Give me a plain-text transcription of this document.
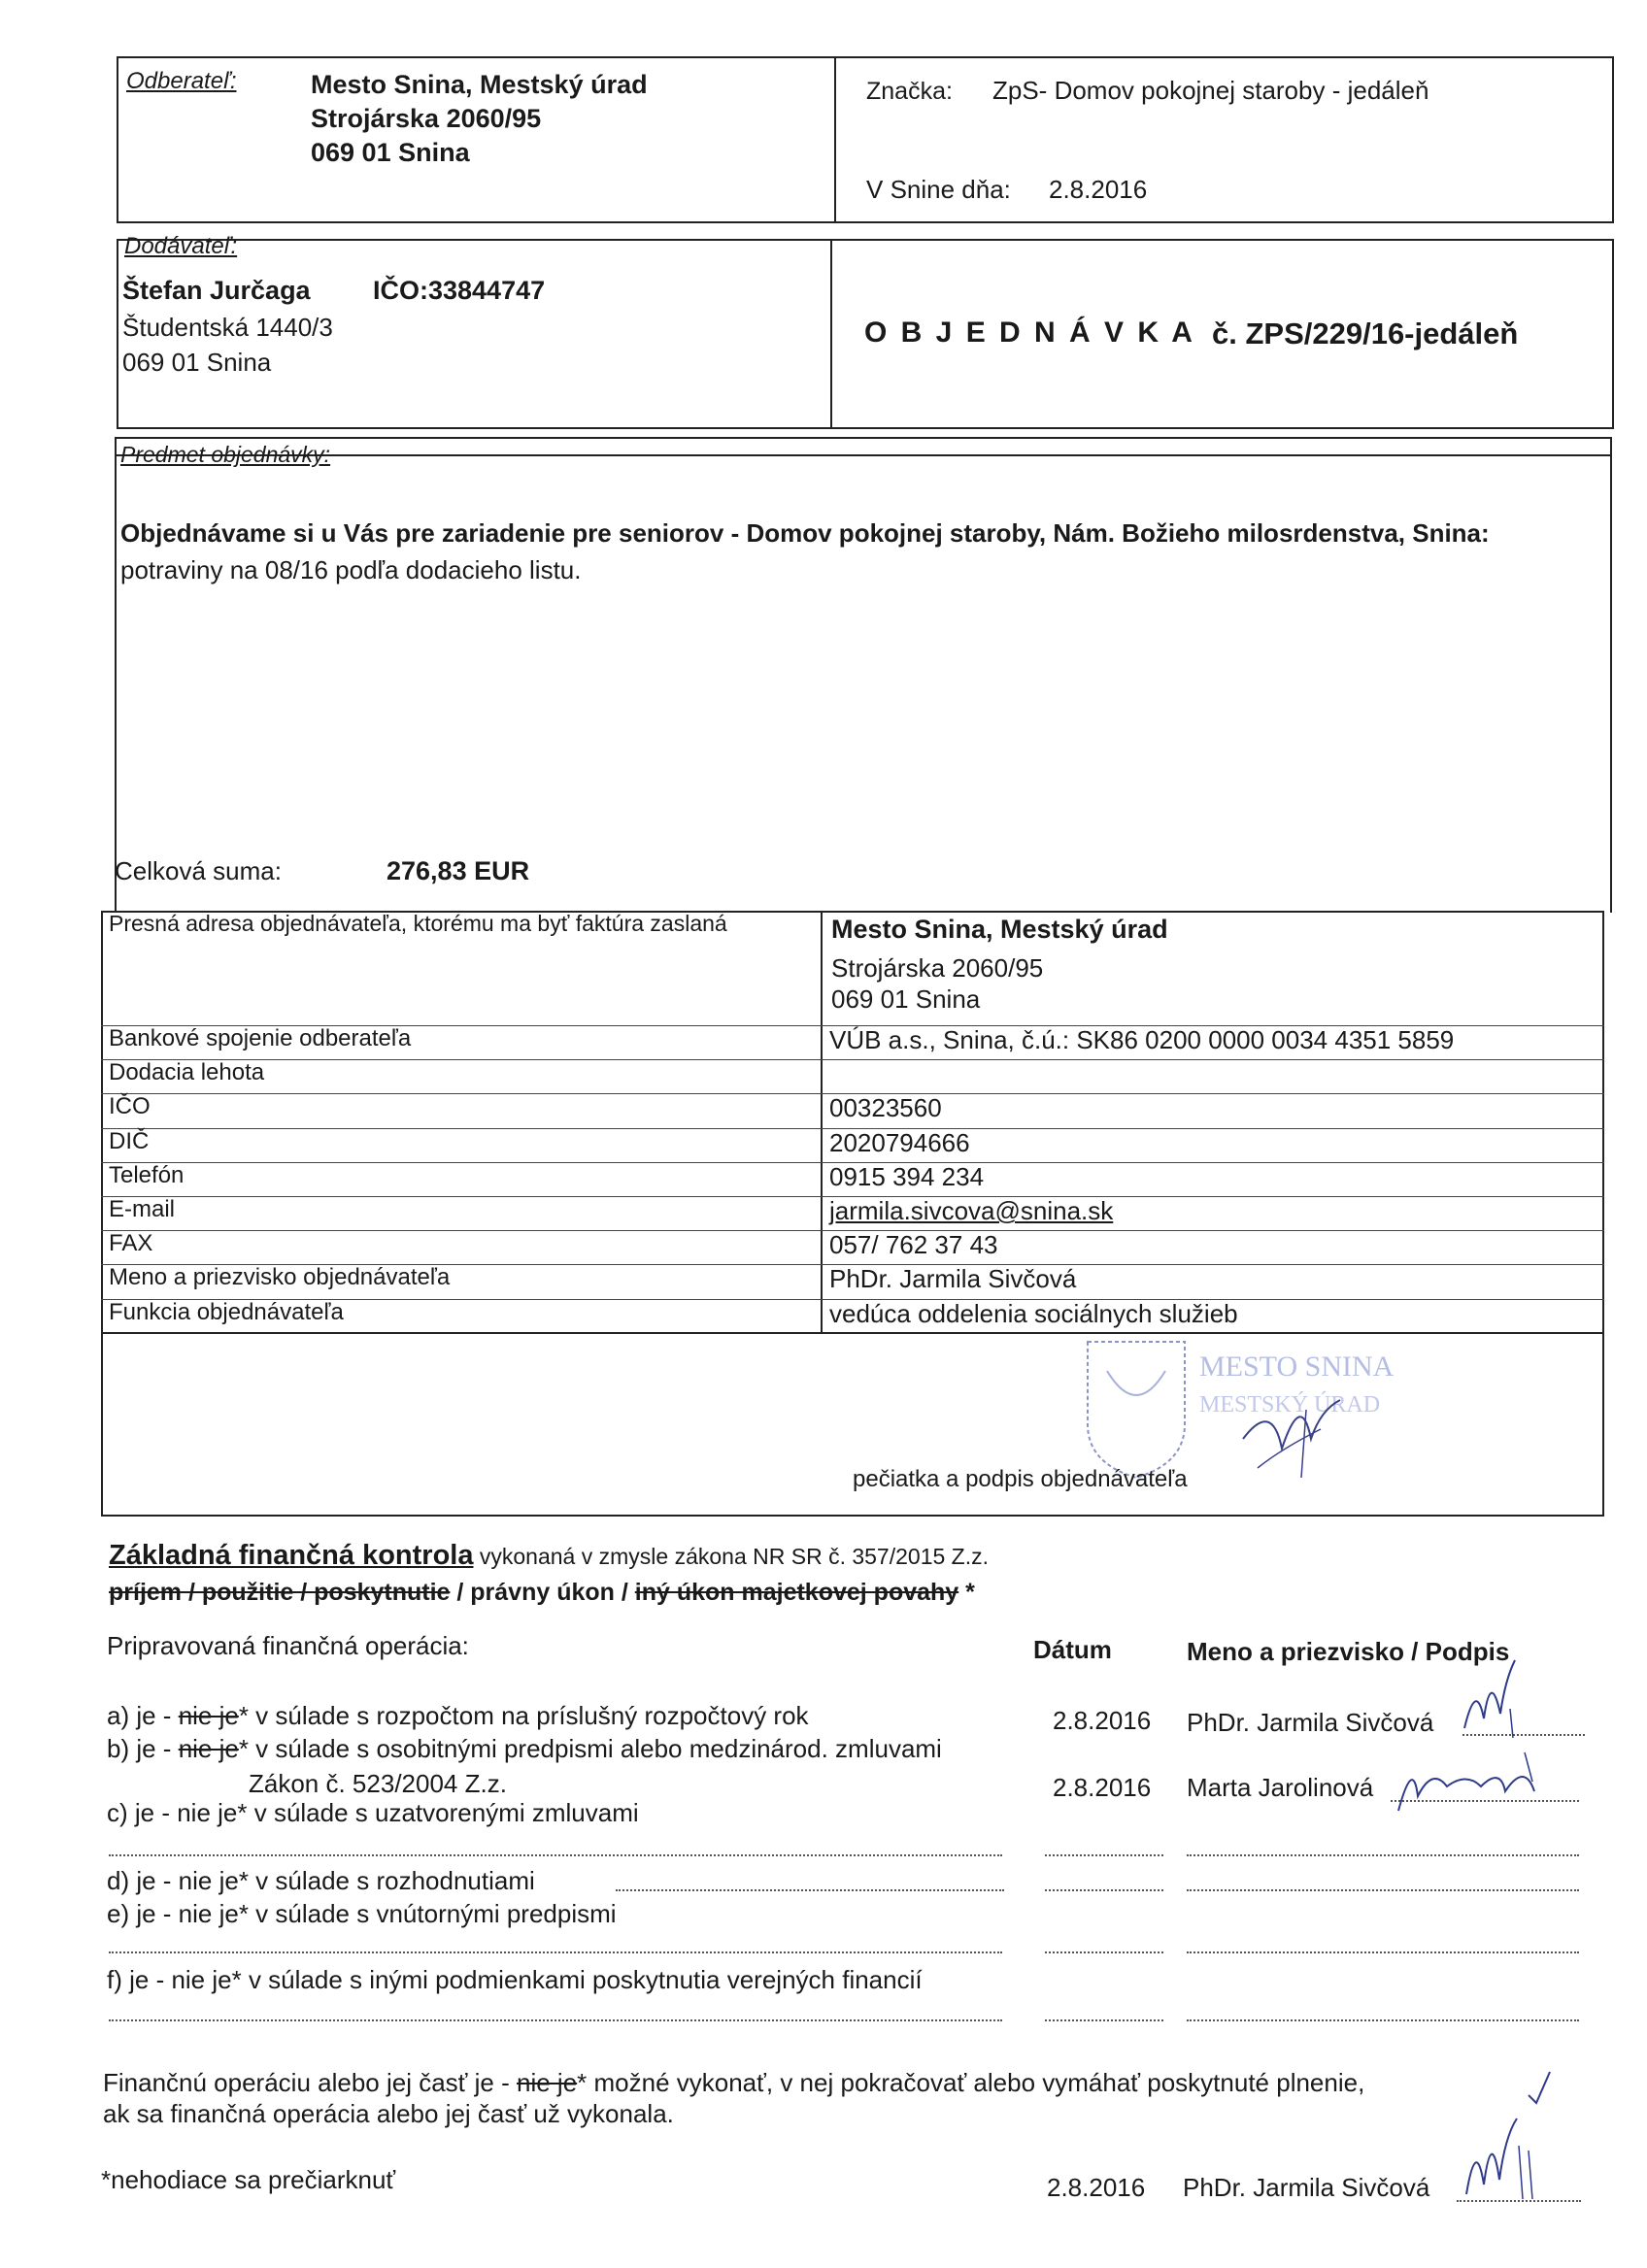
Odberateľ:	Mesto Snina, Mestský úrad
Strojárska 2060/95
069 01 Snina
Značka: ZpS- Domov pokojnej staroby - jedáleň
V Snine dňa: 2.8.2016
Dodávateľ:
Štefan Jurčaga IČO:33844747
Študentská 1440/3
069 01 Snina
O B J E D N Á V K A č. ZPS/229/16-jedáleň
Predmet objednávky:
Objednávame si u Vás pre zariadenie pre seniorov - Domov pokojnej staroby, Nám. Božieho milosrdenstva, Snina:
potraviny na 08/16 podľa dodacieho listu.
Celková suma:	276,83 EUR
Presná adresa objednávateľa, ktorému ma byť faktúra zaslaná	Mesto Snina, Mestský úrad
Strojárska 2060/95
069 01 Snina
Bankové spojenie odberateľa	VÚB a.s., Snina, č.ú.: SK86 0200 0000 0034 4351 5859
Dodacia lehota
IČO	00323560
DIČ	2020794666
Telefón	0915 394 234
E-mail	jarmila.sivcova@snina.sk
FAX	057/ 762 37 43
Meno a priezvisko objednávateľa	PhDr. Jarmila Sivčová
Funkcia objednávateľa	vedúca oddelenia sociálnych služieb
MESTO SNINA
MESTSKÝ ÚRAD
pečiatka a podpis objednávateľa
Základná finančná kontrola vykonaná v zmysle zákona NR SR č. 357/2015 Z.z.
príjem / použitie / poskytnutie / právny úkon / iný úkon majetkovej povahy *
Pripravovaná finančná operácia:	Dátum	Meno a priezvisko / Podpis
a) je - nie je* v súlade s rozpočtom na príslušný rozpočtový rok	2.8.2016 PhDr. Jarmila Sivčová
b) je - nie je* v súlade s osobitnými predpismi alebo medzinárod. zmluvami
Zákon č. 523/2004 Z.z.	2.8.2016 Marta Jarolinová
c) je - nie je* v súlade s uzatvorenými zmluvami
d) je - nie je* v súlade s rozhodnutiami
e) je - nie je* v súlade s vnútornými predpismi
f) je - nie je* v súlade s inými podmienkami poskytnutia verejných financií
Finančnú operáciu alebo jej časť je - nie je* možné vykonať, v nej pokračovať alebo vymáhať poskytnuté plnenie,
ak sa finančná operácia alebo jej časť už vykonala.
*nehodiace sa prečiarknuť	2.8.2016 PhDr. Jarmila Sivčová
